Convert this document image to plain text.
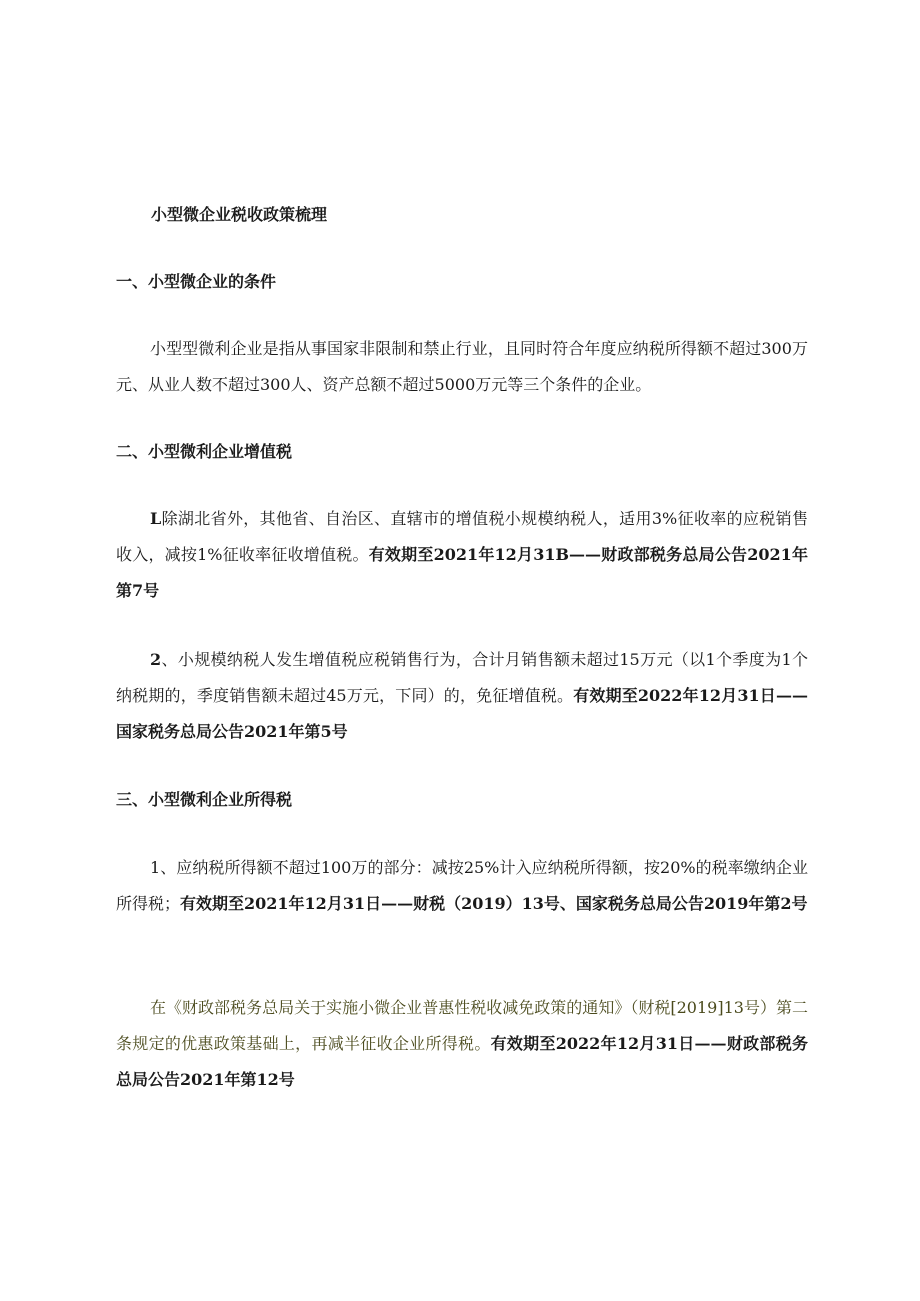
小型微企业税收政策梳理
一、小型微企业的条件
小型型微利企业是指从事国家非限制和禁止行业，且同时符合年度应纳税所得额不超过300万元、从业人数不超过300人、资产总额不超过5000万元等三个条件的企业。
二、小型微利企业增值税
L除湖北省外，其他省、自治区、直辖市的增值税小规模纳税人，适用3%征收率的应税销售收入，减按1%征收率征收增值税。有效期至2021年12月31B——财政部税务总局公告2021年第7号
2、小规模纳税人发生增值税应税销售行为，合计月销售额未超过15万元（以1个季度为1个纳税期的，季度销售额未超过45万元，下同）的，免征增值税。有效期至2022年12月31日——国家税务总局公告2021年第5号
三、小型微利企业所得税
1、应纳税所得额不超过100万的部分：减按25%计入应纳税所得额，按20%的税率缴纳企业所得税；有效期至2021年12月31日——财税（2019）13号、国家税务总局公告2019年第2号
在《财政部税务总局关于实施小微企业普惠性税收减免政策的通知》（财税[2019]13号）第二条规定的优惠政策基础上，再减半征收企业所得税。有效期至2022年12月31日——财政部税务总局公告2021年第12号
